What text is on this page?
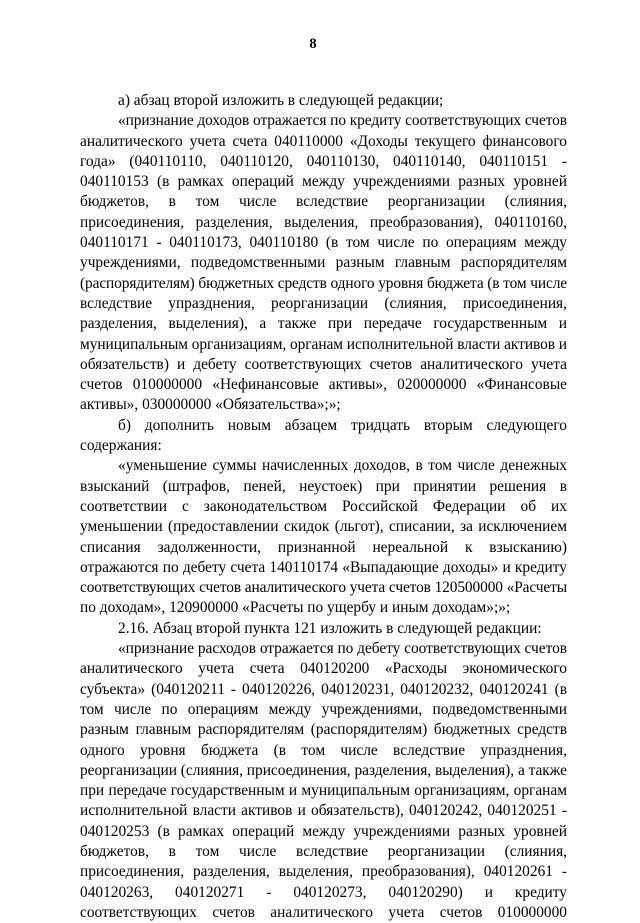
8
а) абзац второй изложить в следующей редакции;
«признание доходов отражается по кредиту соответствующих счетов
аналитического учета счета 040110000 «Доходы текущего финансового
года» (040110110, 040110120, 040110130, 040110140, 040110151 -
040110153 (в рамках операций между учреждениями разных уровней
бюджетов, в том числе вследствие реорганизации (слияния,
присоединения, разделения, выделения, преобразования), 040110160,
040110171 - 040110173, 040110180 (в том числе по операциям между
учреждениями, подведомственными разным главным распорядителям
(распорядителям) бюджетных средств одного уровня бюджета (в том числе
вследствие упразднения, реорганизации (слияния, присоединения,
разделения, выделения), а также при передаче государственным и
муниципальным организациям, органам исполнительной власти активов и
обязательств) и дебету соответствующих счетов аналитического учета
счетов 010000000 «Нефинансовые активы», 020000000 «Финансовые
активы», 030000000 «Обязательства»;»;
б) дополнить новым абзацем тридцать вторым следующего
содержания:
«уменьшение суммы начисленных доходов, в том числе денежных
взысканий (штрафов, пеней, неустоек) при принятии решения в
соответствии с законодательством Российской Федерации об их
уменьшении (предоставлении скидок (льгот), списании, за исключением
списания задолженности, признанной нереальной к взысканию)
отражаются по дебету счета 140110174 «Выпадающие доходы» и кредиту
соответствующих счетов аналитического учета счетов 120500000 «Расчеты
по доходам», 120900000 «Расчеты по ущербу и иным доходам»;»;
2.16. Абзац второй пункта 121 изложить в следующей редакции:
«признание расходов отражается по дебету соответствующих счетов
аналитического учета счета 040120200 «Расходы экономического
субъекта» (040120211 - 040120226, 040120231, 040120232, 040120241 (в
том числе по операциям между учреждениями, подведомственными
разным главным распорядителям (распорядителям) бюджетных средств
одного уровня бюджета (в том числе вследствие упразднения,
реорганизации (слияния, присоединения, разделения, выделения), а также
при передаче государственным и муниципальным организациям, органам
исполнительной власти активов и обязательств), 040120242, 040120251 -
040120253 (в рамках операций между учреждениями разных уровней
бюджетов, в том числе вследствие реорганизации (слияния,
присоединения, разделения, выделения, преобразования), 040120261 -
040120263, 040120271 - 040120273, 040120290) и кредиту
соответствующих счетов аналитического учета счетов 010000000
